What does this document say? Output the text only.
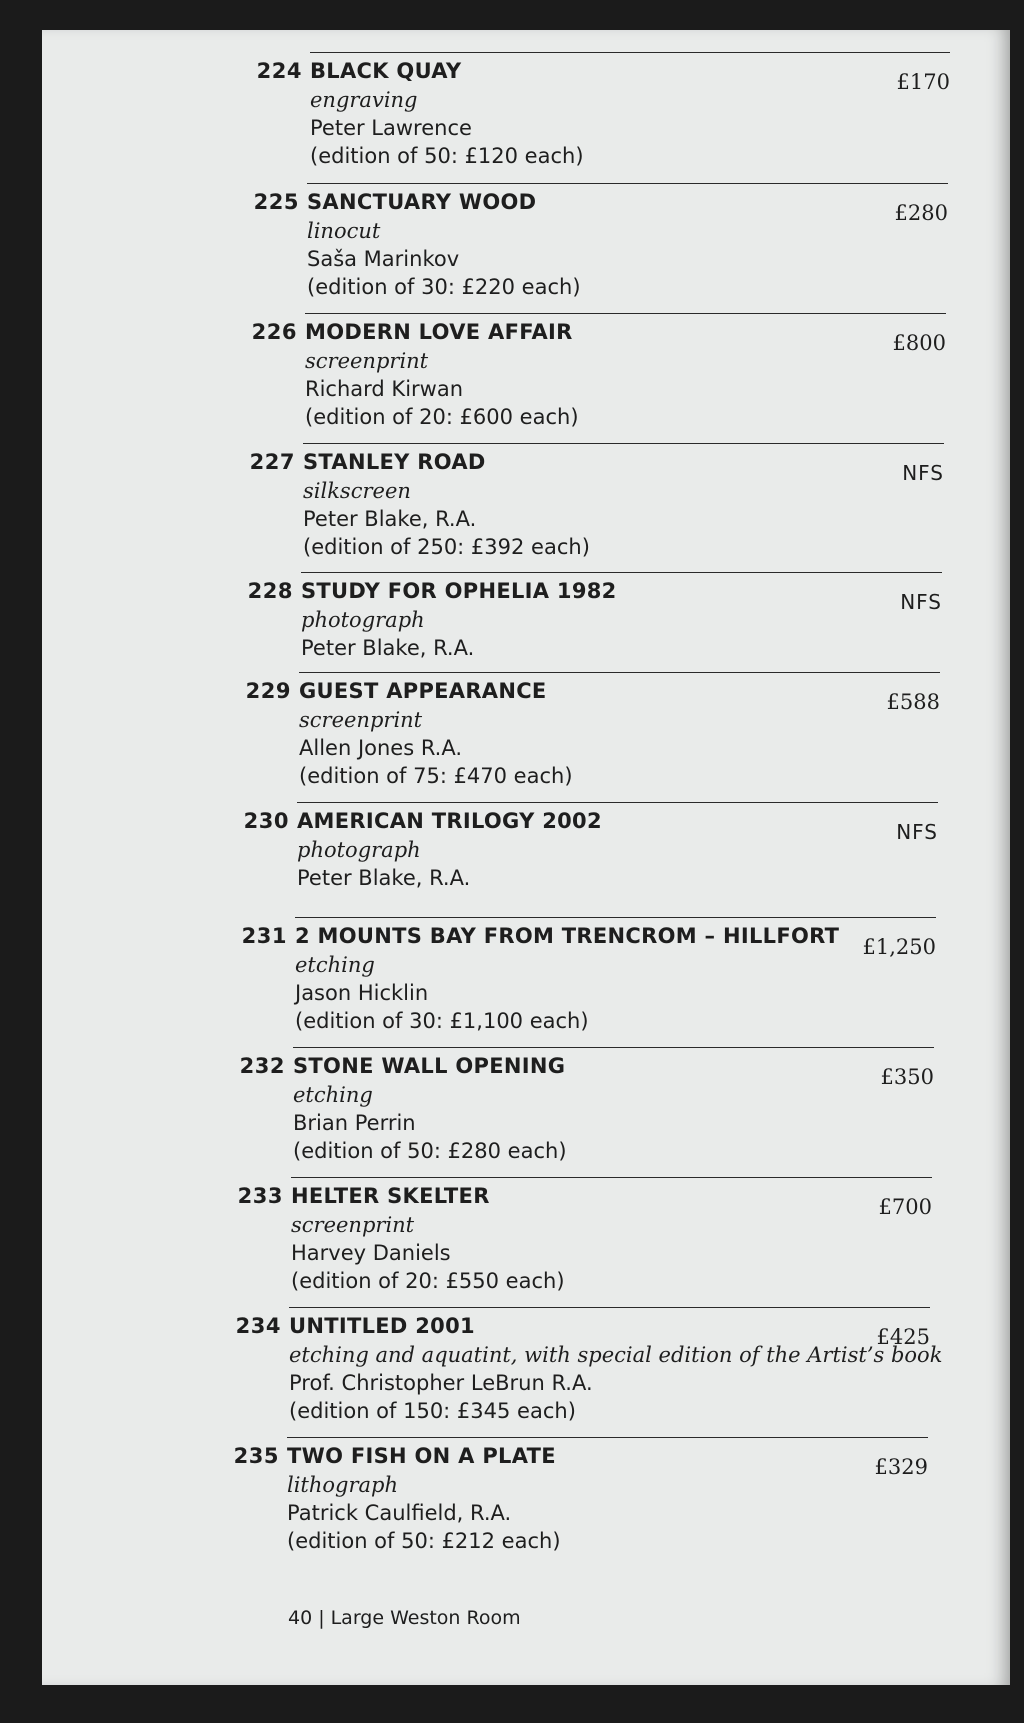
224 BLACK QUAY
engraving
Peter Lawrence
(edition of 50: £120 each)
£170
225 SANCTUARY WOOD
linocut
Saša Marinkov
(edition of 30: £220 each)
£280
226 MODERN LOVE AFFAIR
screenprint
Richard Kirwan
(edition of 20: £600 each)
£800
227 STANLEY ROAD
silkscreen
Peter Blake, R.A.
(edition of 250: £392 each)
NFS
228 STUDY FOR OPHELIA 1982
photograph
Peter Blake, R.A.
NFS
229 GUEST APPEARANCE
screenprint
Allen Jones R.A.
(edition of 75: £470 each)
£588
230 AMERICAN TRILOGY 2002
photograph
Peter Blake, R.A.
NFS
231 2 MOUNTS BAY FROM TRENCROM – HILLFORT
etching
Jason Hicklin
(edition of 30: £1,100 each)
£1,250
232 STONE WALL OPENING
etching
Brian Perrin
(edition of 50: £280 each)
£350
233 HELTER SKELTER
screenprint
Harvey Daniels
(edition of 20: £550 each)
£700
234 UNTITLED 2001
etching and aquatint, with special edition of the Artist’s book
Prof. Christopher LeBrun R.A.
(edition of 150: £345 each)
£425
235 TWO FISH ON A PLATE
lithograph
Patrick Caulfield, R.A.
(edition of 50: £212 each)
£329
40 | Large Weston Room
